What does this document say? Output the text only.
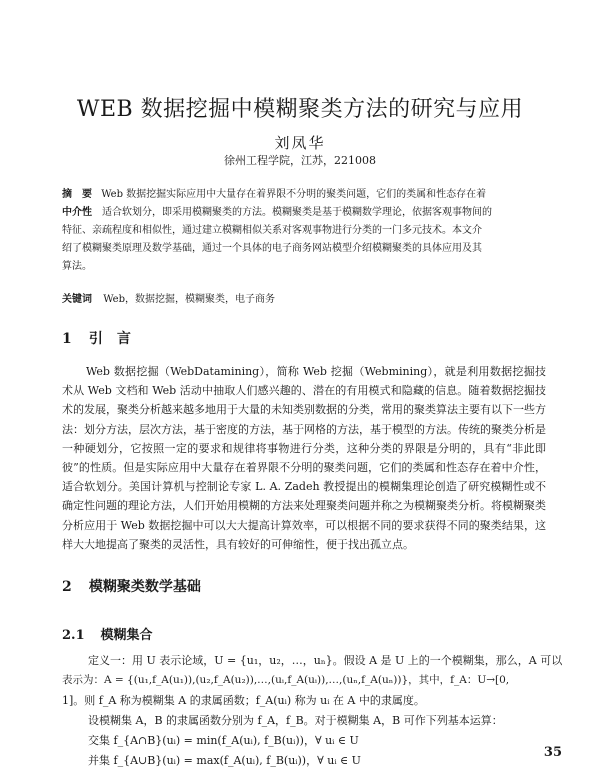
WEB 数据挖掘中模糊聚类方法的研究与应用
刘凤华
徐州工程学院，江苏，221008
摘　要 Web 数据挖掘实际应用中大量存在着界限不分明的聚类问题，它们的类属和性态存在着
中介性　适合软划分，即采用模糊聚类的方法。模糊聚类是基于模糊数学理论，依据客观事物间的
特征、亲疏程度和相似性，通过建立模糊相似关系对客观事物进行分类的一门多元技术。本文介
绍了模糊聚类原理及数学基础，通过一个具体的电子商务网站模型介绍模糊聚类的具体应用及其
算法。
关键词 Web，数据挖掘，模糊聚类，电子商务
1 引　言
Web 数据挖掘（WebDatamining），简称 Web 挖掘（Webmining），就是利用数据挖掘技术从 Web 文档和 Web 活动中抽取人们感兴趣的、潜在的有用模式和隐藏的信息。随着数据挖掘技术的发展，聚类分析越来越多地用于大量的未知类别数据的分类，常用的聚类算法主要有以下一些方法：划分方法，层次方法，基于密度的方法，基于网格的方法，基于模型的方法。传统的聚类分析是一种硬划分，它按照一定的要求和规律将事物进行分类，这种分类的界限是分明的，具有“非此即彼”的性质。但是实际应用中大量存在着界限不分明的聚类问题，它们的类属和性态存在着中介性，适合软划分。美国计算机与控制论专家 L. A. Zadeh 教授提出的模糊集理论创造了研究模糊性或不确定性问题的理论方法，人们开始用模糊的方法来处理聚类问题并称之为模糊聚类分析。将模糊聚类分析应用于 Web 数据挖掘中可以大大提高计算效率，可以根据不同的要求获得不同的聚类结果，这样大大地提高了聚类的灵活性，具有较好的可伸缩性，便于找出孤立点。
2 模糊聚类数学基础
2.1 模糊集合
定义一：用 U 表示论域，U = {u₁，u₂，…，uₙ}。假设 A 是 U 上的一个模糊集，那么，A 可以
表示为：A = {(u₁,f_A(u₁)),(u₂,f_A(u₂)),…,(uᵢ,f_A(uᵢ)),…,(uₙ,f_A(uₙ))}，其中，f_A：U→[0,
1]。则 f_A 称为模糊集 A 的隶属函数；f_A(uᵢ) 称为 uᵢ 在 A 中的隶属度。
设模糊集 A，B 的隶属函数分别为 f_A，f_B。对于模糊集 A，B 可作下列基本运算：
交集 f_{A∩B}(uᵢ) = min(f_A(uᵢ), f_B(uᵢ))，∀ uᵢ ∈ U
并集 f_{A∪B}(uᵢ) = max(f_A(uᵢ), f_B(uᵢ))，∀ uᵢ ∈ U
35
